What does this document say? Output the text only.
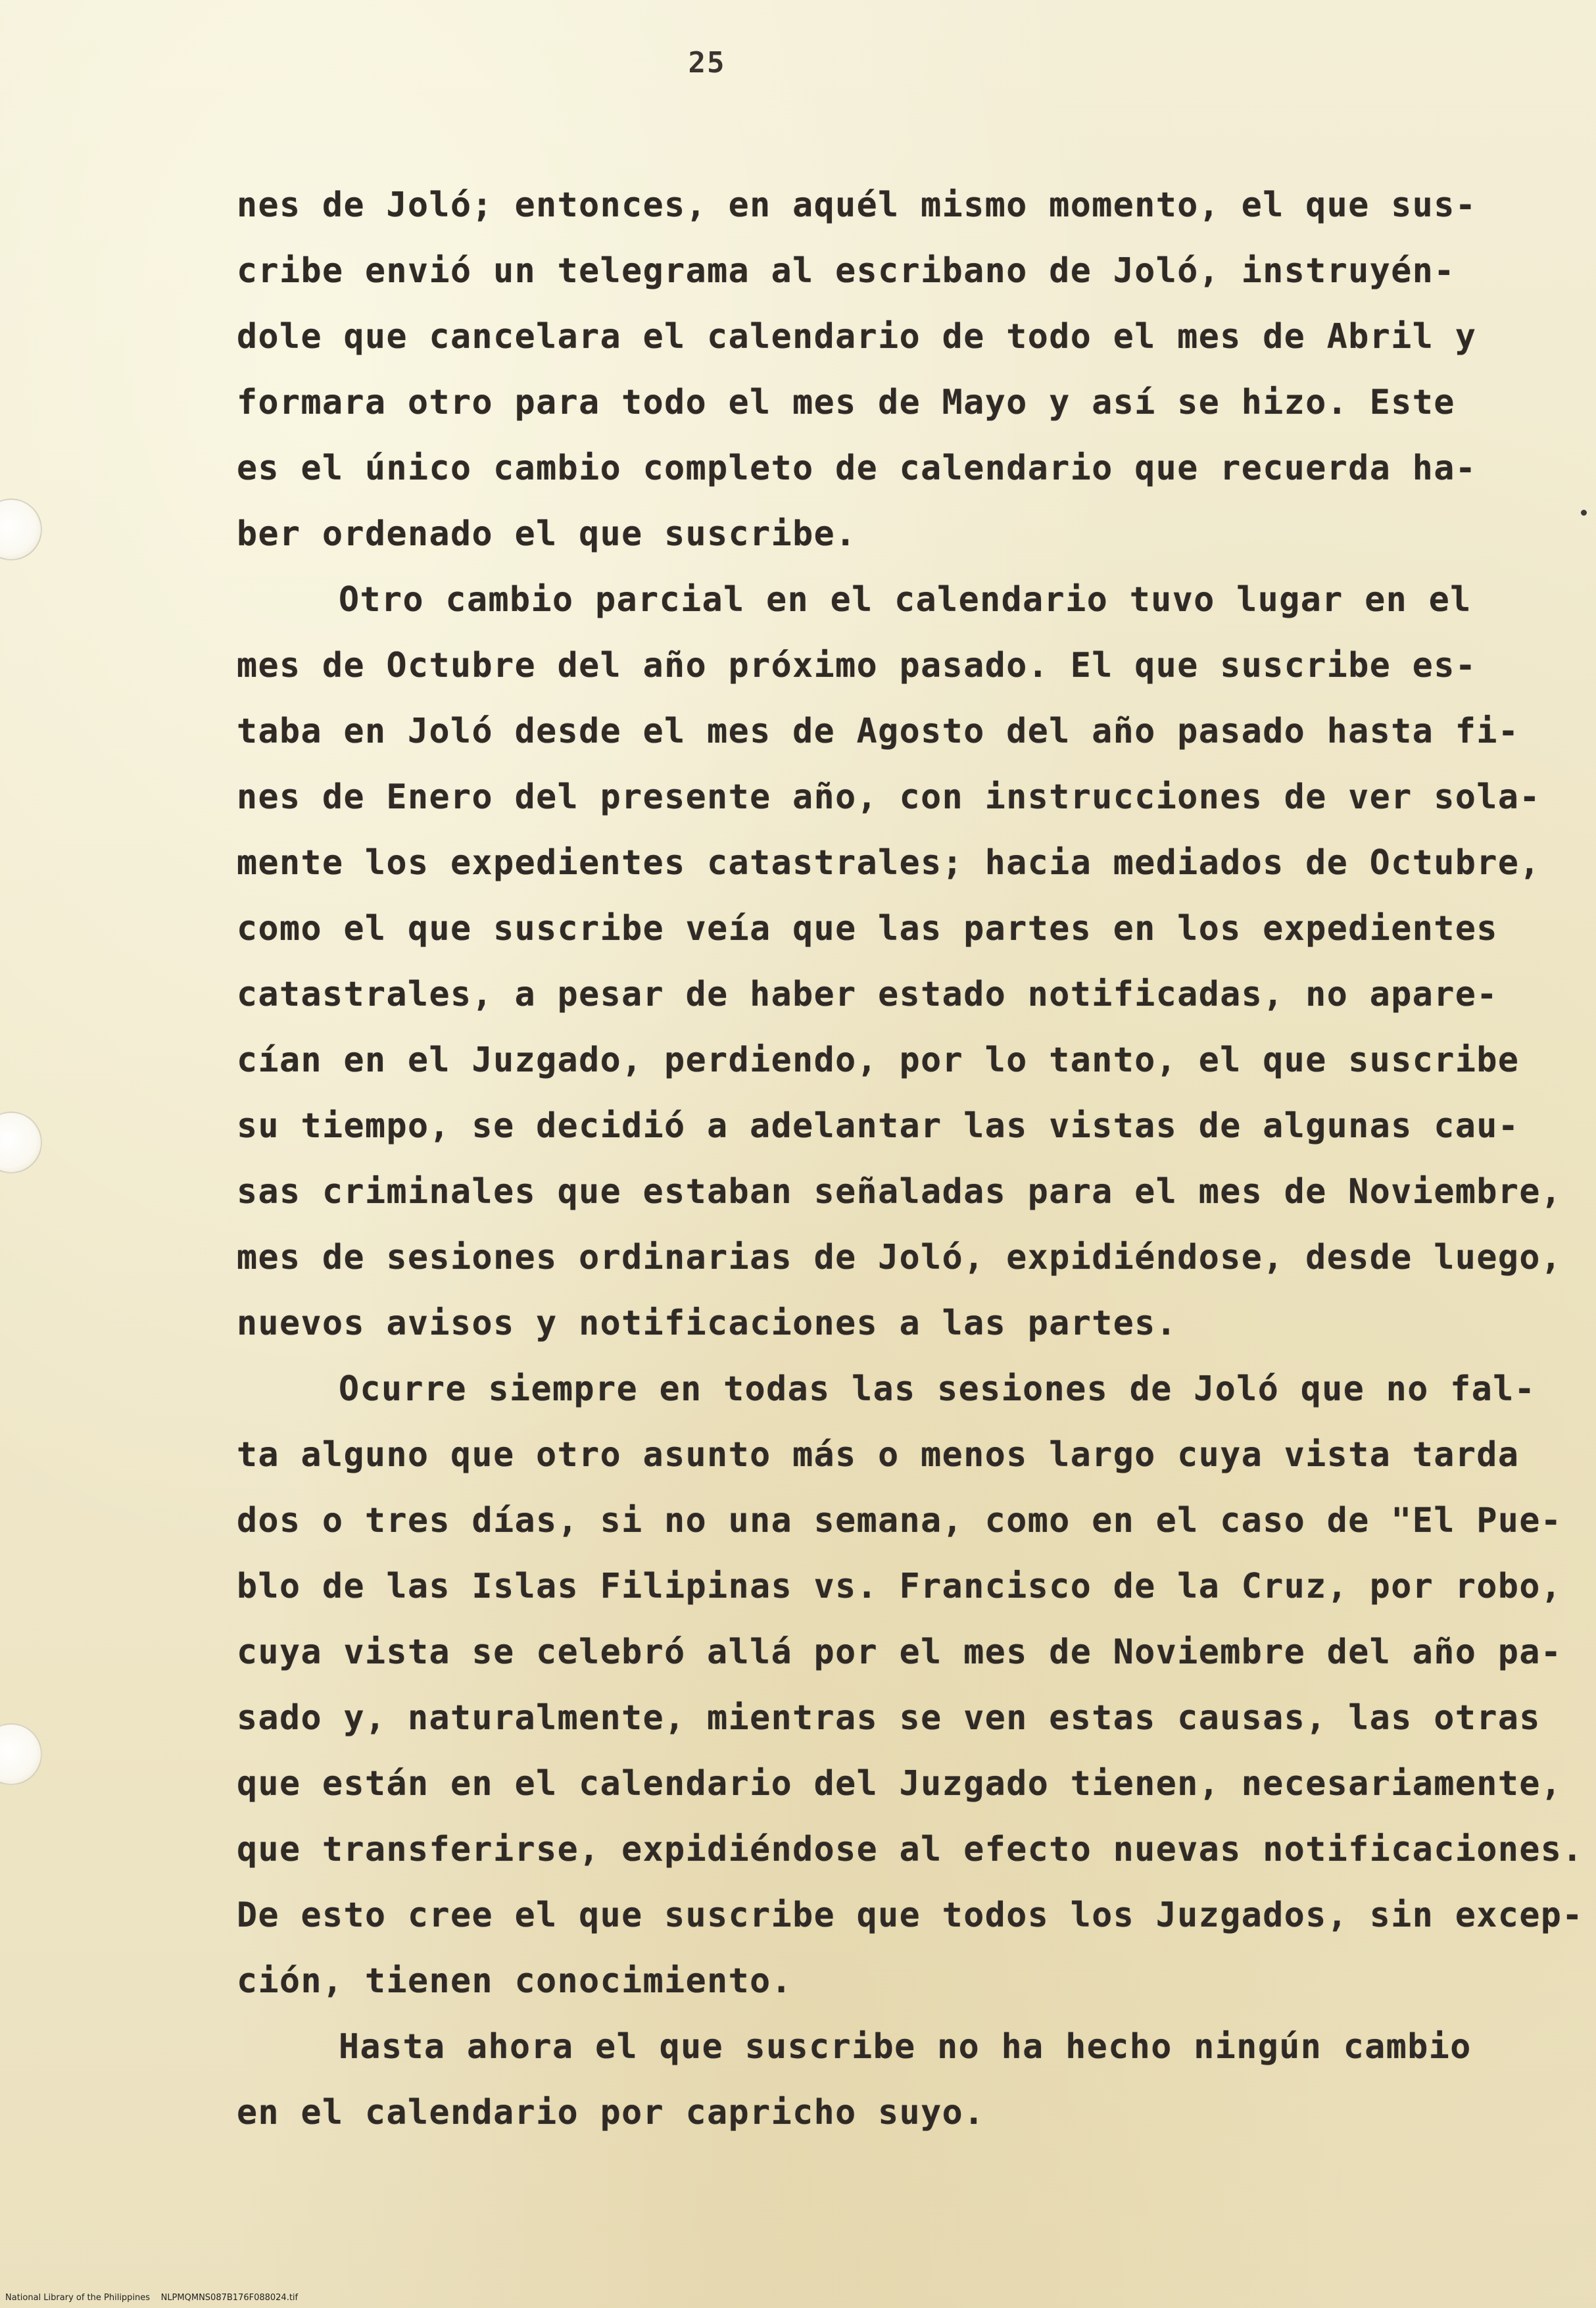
25
nes de Joló; entonces, en aquél mismo momento, el que sus-
cribe envió un telegrama al escribano de Joló, instruyén-
dole que cancelara el calendario de todo el mes de Abril y
formara otro para todo el mes de Mayo y así se hizo. Este
es el único cambio completo de calendario que recuerda ha-
ber ordenado el que suscribe.
Otro cambio parcial en el calendario tuvo lugar en el
mes de Octubre del año próximo pasado. El que suscribe es-
taba en Joló desde el mes de Agosto del año pasado hasta fi-
nes de Enero del presente año, con instrucciones de ver sola-
mente los expedientes catastrales; hacia mediados de Octubre,
como el que suscribe veía que las partes en los expedientes
catastrales, a pesar de haber estado notificadas, no apare-
cían en el Juzgado, perdiendo, por lo tanto, el que suscribe
su tiempo, se decidió a adelantar las vistas de algunas cau-
sas criminales que estaban señaladas para el mes de Noviembre,
mes de sesiones ordinarias de Joló, expidiéndose, desde luego,
nuevos avisos y notificaciones a las partes.
Ocurre siempre en todas las sesiones de Joló que no fal-
ta alguno que otro asunto más o menos largo cuya vista tarda
dos o tres días, si no una semana, como en el caso de "El Pue-
blo de las Islas Filipinas vs. Francisco de la Cruz, por robo,
cuya vista se celebró allá por el mes de Noviembre del año pa-
sado y, naturalmente, mientras se ven estas causas, las otras
que están en el calendario del Juzgado tienen, necesariamente,
que transferirse, expidiéndose al efecto nuevas notificaciones.
De esto cree el que suscribe que todos los Juzgados, sin excep-
ción, tienen conocimiento.
Hasta ahora el que suscribe no ha hecho ningún cambio
en el calendario por capricho suyo.
National Library of the Philippines NLPMQMNS087B176F088024.tif
